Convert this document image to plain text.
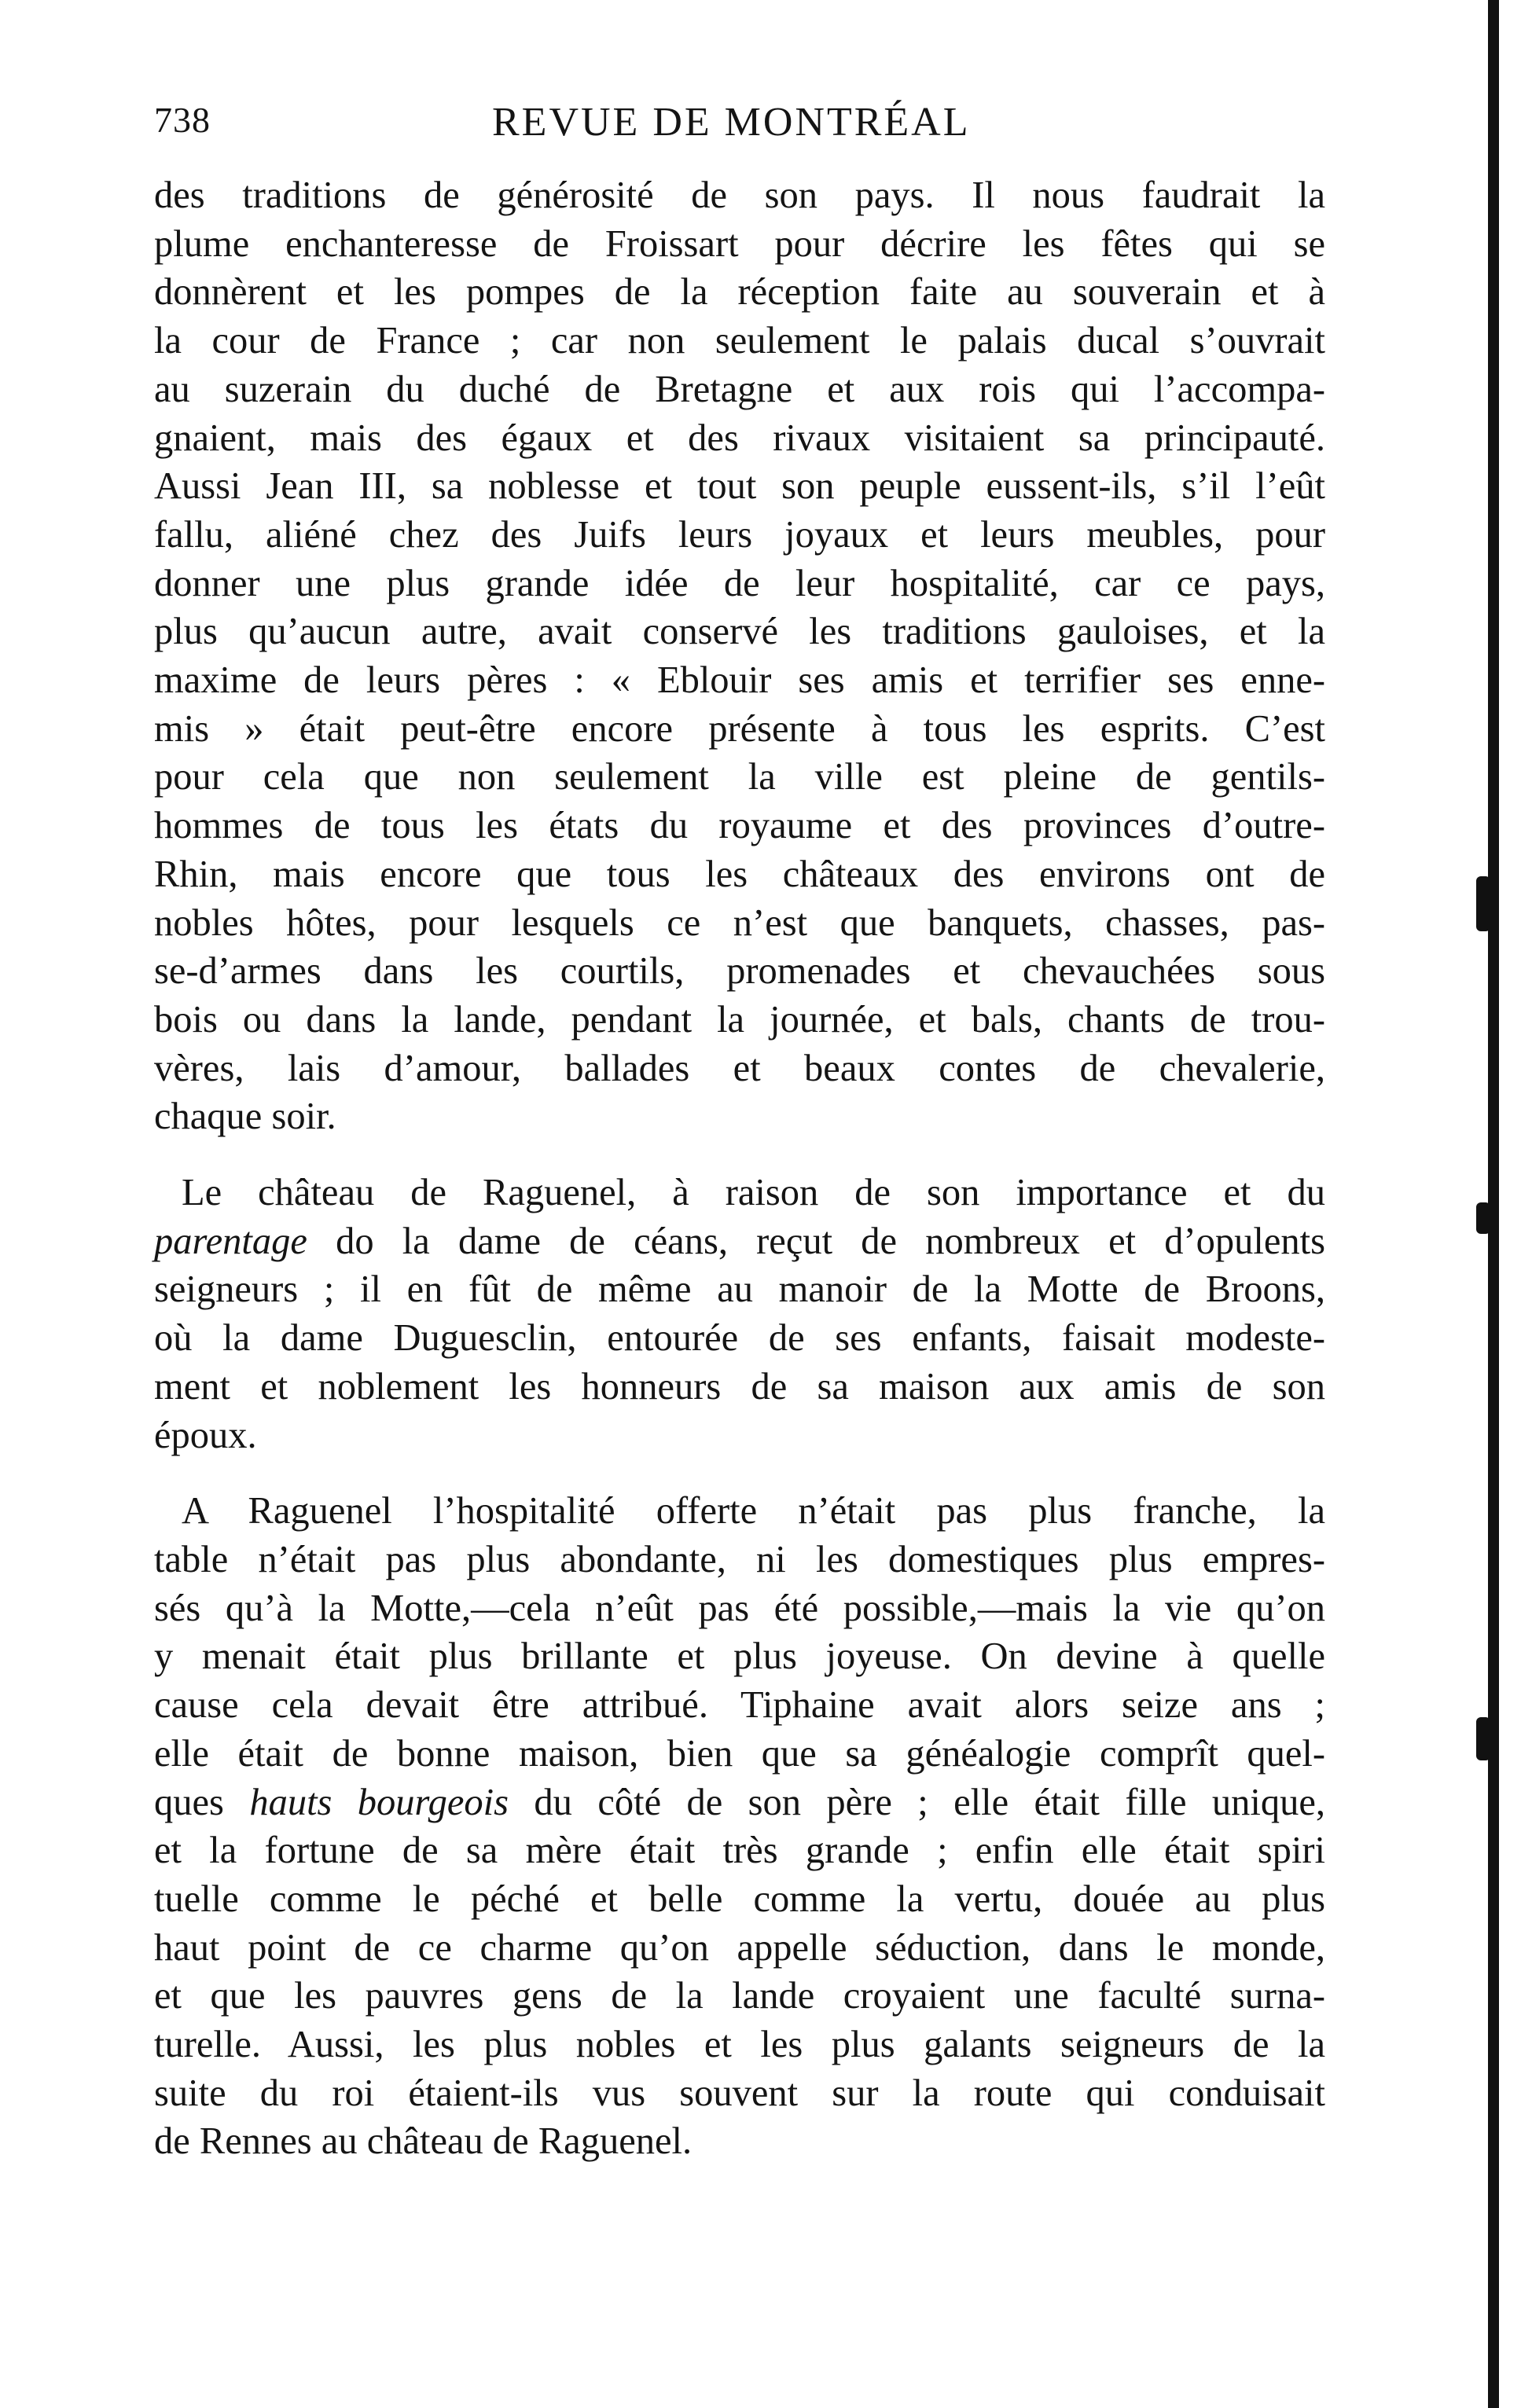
738	REVUE DE MONTRÉAL
des traditions de générosité de son pays. Il nous faudrait la
plume enchanteresse de Froissart pour décrire les fêtes qui se
donnèrent et les pompes de la réception faite au souverain et à
la cour de France ; car non seulement le palais ducal s’ouvrait
au suzerain du duché de Bretagne et aux rois qui l’accompa-
gnaient, mais des égaux et des rivaux visitaient sa principauté.
Aussi Jean III, sa noblesse et tout son peuple eussent-ils, s’il l’eût
fallu, aliéné chez des Juifs leurs joyaux et leurs meubles, pour
donner une plus grande idée de leur hospitalité, car ce pays,
plus qu’aucun autre, avait conservé les traditions gauloises, et la
maxime de leurs pères : « Eblouir ses amis et terrifier ses enne-
mis » était peut-être encore présente à tous les esprits. C’est
pour cela que non seulement la ville est pleine de gentils-
hommes de tous les états du royaume et des provinces d’outre-
Rhin, mais encore que tous les châteaux des environs ont de
nobles hôtes, pour lesquels ce n’est que banquets, chasses, pas-
se-d’armes dans les courtils, promenades et chevauchées sous
bois ou dans la lande, pendant la journée, et bals, chants de trou-
vères, lais d’amour, ballades et beaux contes de chevalerie,
chaque soir.
Le château de Raguenel, à raison de son importance et du
parentage do la dame de céans, reçut de nombreux et d’opulents
seigneurs ; il en fût de même au manoir de la Motte de Broons,
où la dame Duguesclin, entourée de ses enfants, faisait modeste-
ment et noblement les honneurs de sa maison aux amis de son
époux.
A Raguenel l’hospitalité offerte n’était pas plus franche, la
table n’était pas plus abondante, ni les domestiques plus empres-
sés qu’à la Motte,—cela n’eût pas été possible,—mais la vie qu’on
y menait était plus brillante et plus joyeuse. On devine à quelle
cause cela devait être attribué. Tiphaine avait alors seize ans ;
elle était de bonne maison, bien que sa généalogie comprît quel-
ques hauts bourgeois du côté de son père ; elle était fille unique,
et la fortune de sa mère était très grande ; enfin elle était spiri
tuelle comme le péché et belle comme la vertu, douée au plus
haut point de ce charme qu’on appelle séduction, dans le monde,
et que les pauvres gens de la lande croyaient une faculté surna-
turelle. Aussi, les plus nobles et les plus galants seigneurs de la
suite du roi étaient-ils vus souvent sur la route qui conduisait
de Rennes au château de Raguenel.
